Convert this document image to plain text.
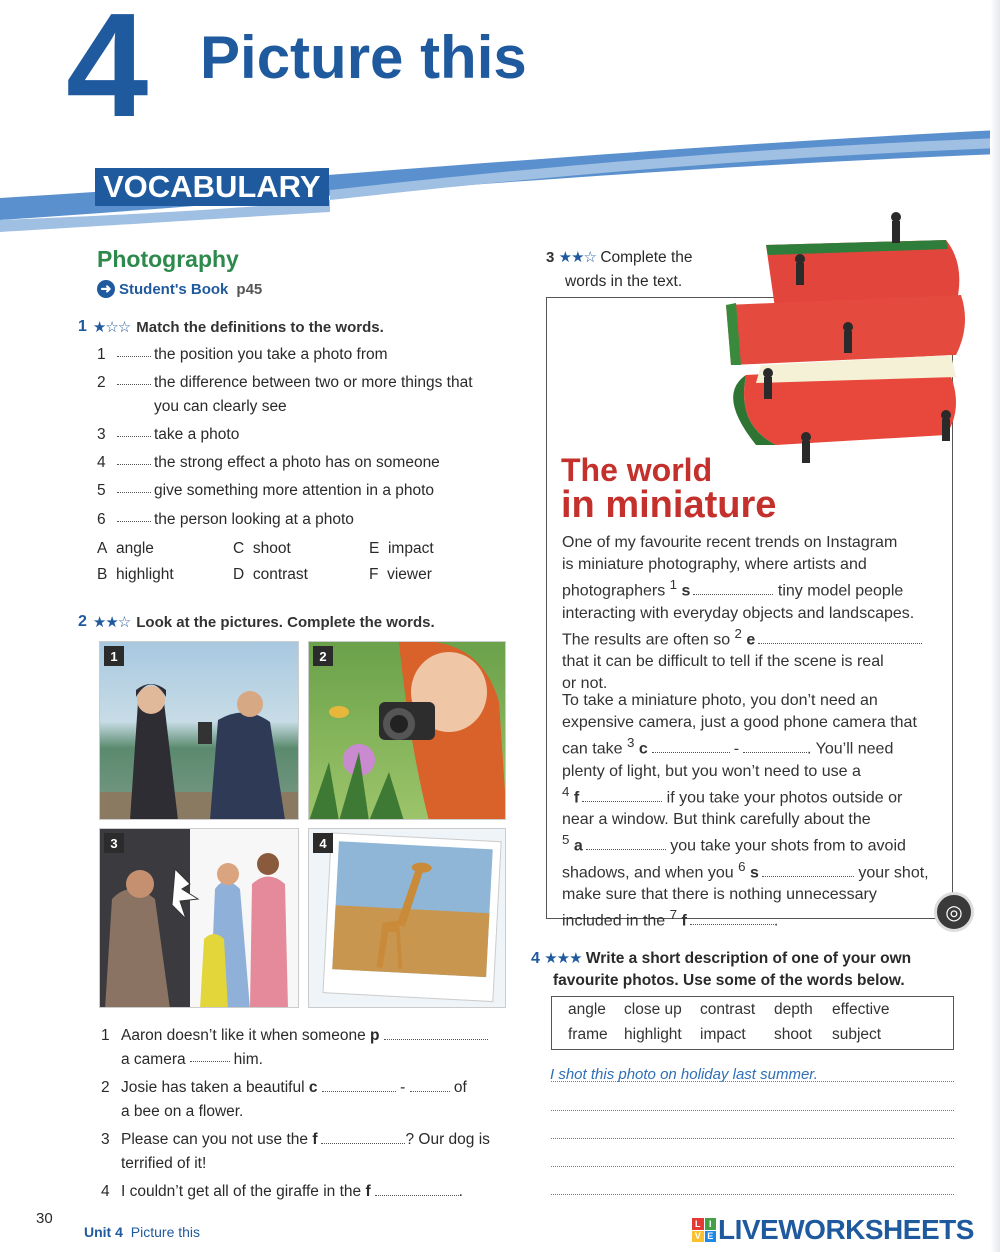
4 Picture this
VOCABULARY
Photography
➜ Student's Book p45
1 ★☆☆ Match the definitions to the words.
1	the position you take a photo from
2	the difference between two or more things that
you can clearly see
3	take a photo
4	the strong effect a photo has on someone
5	give something more attention in a photo
6	the person looking at a photo
A angle	C shoot	E impact
B highlight	D contrast	F viewer
2 ★★☆ Look at the pictures. Complete the words.
1	2
3	4
1 Aaron doesn’t like it when someone p
a camera	him.
2 Josie has taken a beautiful c	-	of
a bee on a flower.
3 Please can you not use the f	? Our dog is
terrified of it!
4 I couldn’t get all of the giraffe in the f	.
3 ★★☆ Complete the
words in the text.
The world
in miniature
One of my favourite recent trends on Instagram
is miniature photography, where artists and
photographers $^1$ s	tiny model people
interacting with everyday objects and landscapes.
The results are often so $^2$ e
that it can be difficult to tell if the scene is real
or not.
To take a miniature photo, you don’t need an
expensive camera, just a good phone camera that
can take $^3$ c	-	. You’ll need
plenty of light, but you won’t need to use a
$^4$ f	if you take your photos outside or
near a window. But think carefully about the
$^5$ a	you take your shots from to avoid
shadows, and when you $^6$ s	your shot,
make sure that there is nothing unnecessary
included in the $^7$ f	.	◎
4 ★★★ Write a short description of one of your own
favourite photos. Use some of the words below.
angle	close up	contrast	depth	effective
frame	highlight	impact	shoot	subject
I shot this photo on holiday last summer.
30
Unit 4 Picture this
L I
V E LIVEWORKSHEETS
